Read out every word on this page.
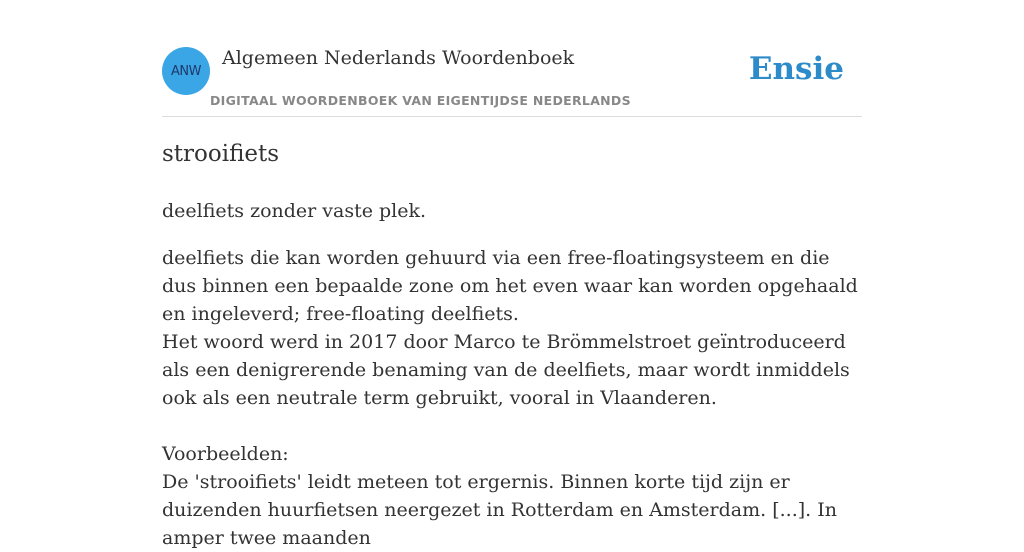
ANW
Algemeen Nederlands Woordenboek
DIGITAAL WOORDENBOEK VAN EIGENTIJDSE NEDERLANDS
Ensie
strooifiets

deelfiets zonder vaste plek.

deelfiets die kan worden gehuurd via een free-floatingsysteem en die dus binnen een bepaalde zone om het even waar kan worden opgehaald en ingeleverd; free-floating deelfiets.
Het woord werd in 2017 door Marco te Brömmelstroet geïntroduceerd als een denigrerende benaming van de deelfiets, maar wordt inmiddels ook als een neutrale term gebruikt, vooral in Vlaanderen.

Voorbeelden:
De 'strooifiets' leidt meteen tot ergernis. Binnen korte tijd zijn er duizenden huurfietsen neergezet in Rotterdam en Amsterdam. [...]. In amper twee maanden
